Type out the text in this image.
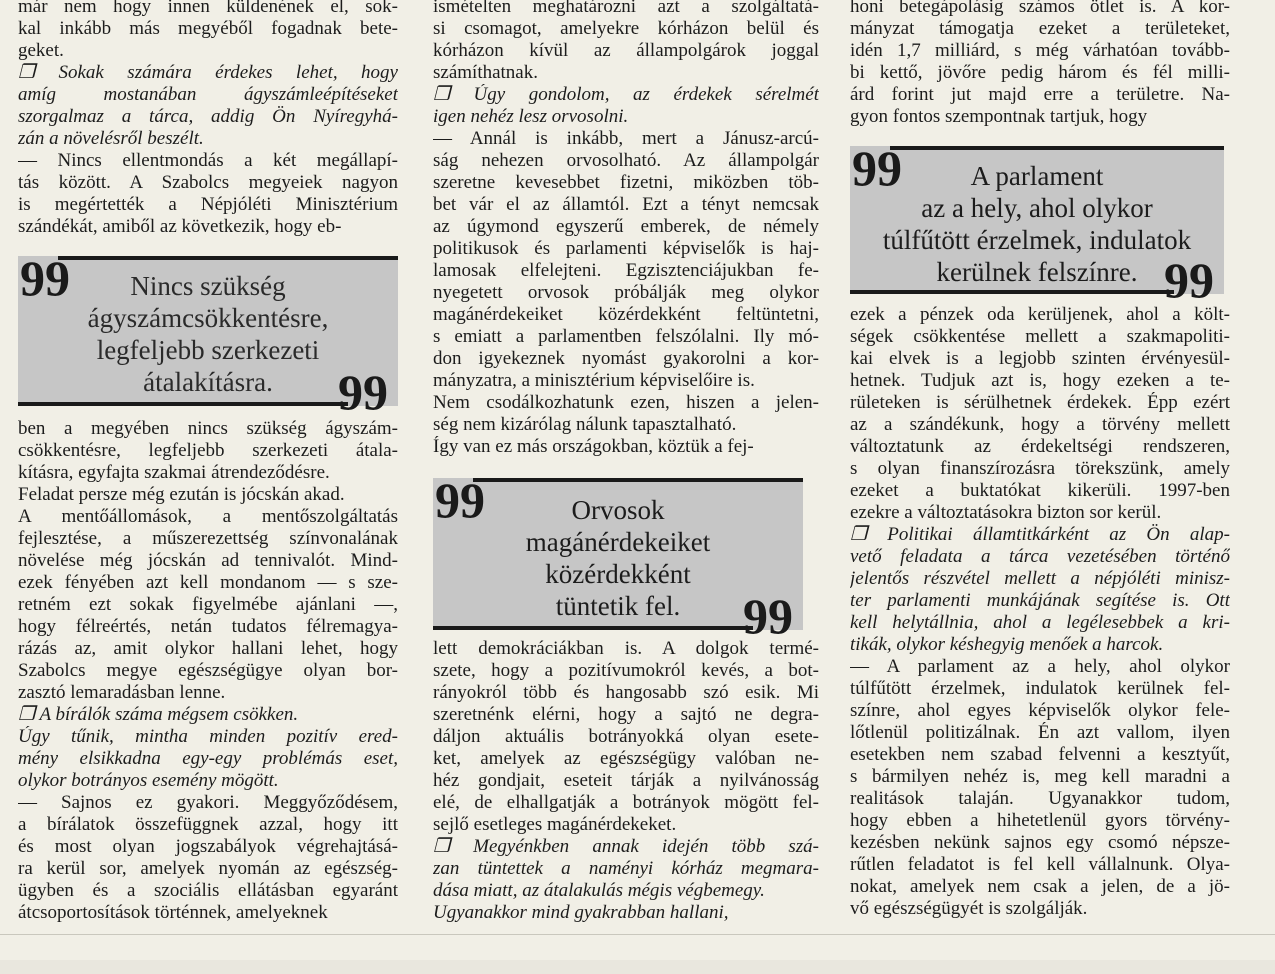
már nem hogy innen küldenének el, sok-
kal inkább más megyéből fogadnak bete-
geket.
❒ Sokak számára érdekes lehet, hogy
amíg mostanában ágyszámleépítéseket
szorgalmaz a tárca, addig Ön Nyíregyhá-
zán a növelésről beszélt.
— Nincs ellentmondás a két megállapí-
tás között. A Szabolcs megyeiek nagyon
is megértették a Népjóléti Minisztérium
szándékát, amiből az következik, hogy eb-
99	Nincs szükség
ágyszámcsökkentésre,
legfeljebb szerkezeti
átalakításra.	99
ben a megyében nincs szükség ágyszám-
csökkentésre, legfeljebb szerkezeti átala-
kításra, egyfajta szakmai átrendeződésre.
Feladat persze még ezután is jócskán akad.
A mentőállomások, a mentőszolgáltatás
fejlesztése, a műszerezettség színvonalának
növelése még jócskán ad tennivalót. Mind-
ezek fényében azt kell mondanom — s sze-
retném ezt sokak figyelmébe ajánlani —,
hogy félreértés, netán tudatos félremagya-
rázás az, amit olykor hallani lehet, hogy
Szabolcs megye egészségügye olyan bor-
zasztó lemaradásban lenne.
❒ A bírálók száma mégsem csökken.
Úgy tűnik, mintha minden pozitív ered-
mény elsikkadna egy-egy problémás eset,
olykor botrányos esemény mögött.
— Sajnos ez gyakori. Meggyőződésem,
a bírálatok összefüggnek azzal, hogy itt
és most olyan jogszabályok végrehajtásá-
ra kerül sor, amelyek nyomán az egészség-
ügyben és a szociális ellátásban egyaránt
átcsoportosítások történnek, amelyeknek
ismételten meghatározni azt a szolgáltatá-
si csomagot, amelyekre kórházon belül és
kórházon kívül az állampolgárok joggal
számíthatnak.
❒ Úgy gondolom, az érdekek sérelmét
igen nehéz lesz orvosolni.
— Annál is inkább, mert a Jánusz-arcú-
ság nehezen orvosolható. Az állampolgár
szeretne kevesebbet fizetni, miközben töb-
bet vár el az államtól. Ezt a tényt nemcsak
az úgymond egyszerű emberek, de némely
politikusok és parlamenti képviselők is haj-
lamosak elfelejteni. Egzisztenciájukban fe-
nyegetett orvosok próbálják meg olykor
magánérdekeiket közérdekként feltüntetni,
s emiatt a parlamentben felszólalni. Ily mó-
don igyekeznek nyomást gyakorolni a kor-
mányzatra, a minisztérium képviselőire is.
Nem csodálkozhatunk ezen, hiszen a jelen-
ség nem kizárólag nálunk tapasztalható.
Így van ez más országokban, köztük a fej-
99	Orvosok
magánérdekeiket
közérdekként
tüntetik fel.	99
lett demokráciákban is. A dolgok termé-
szete, hogy a pozitívumokról kevés, a bot-
rányokról több és hangosabb szó esik. Mi
szeretnénk elérni, hogy a sajtó ne degra-
dáljon aktuális botrányokká olyan esete-
ket, amelyek az egészségügy valóban ne-
héz gondjait, eseteit tárják a nyilvánosság
elé, de elhallgatják a botrányok mögött fel-
sejlő esetleges magánérdekeket.
❒ Megyénkben annak idején több szá-
zan tüntettek a naményi kórház megmara-
dása miatt, az átalakulás mégis végbemegy.
Ugyanakkor mind gyakrabban hallani,
honi betegápolásig számos ötlet is. A kor-
mányzat támogatja ezeket a területeket,
idén 1,7 milliárd, s még várhatóan tovább-
bi kettő, jövőre pedig három és fél milli-
árd forint jut majd erre a területre. Na-
gyon fontos szempontnak tartjuk, hogy
99	A parlament
az a hely, ahol olykor
túlfűtött érzelmek, indulatok
kerülnek felszínre. 99
ezek a pénzek oda kerüljenek, ahol a költ-
ségek csökkentése mellett a szakmapoliti-
kai elvek is a legjobb szinten érvényesül-
hetnek. Tudjuk azt is, hogy ezeken a te-
rületeken is sérülhetnek érdekek. Épp ezért
az a szándékunk, hogy a törvény mellett
változtatunk az érdekeltségi rendszeren,
s olyan finanszírozásra törekszünk, amely
ezeket a buktatókat kikerüli. 1997-ben
ezekre a változtatásokra bizton sor kerül.
❒ Politikai államtitkárként az Ön alap-
vető feladata a tárca vezetésében történő
jelentős részvétel mellett a népjóléti minisz-
ter parlamenti munkájának segítése is. Ott
kell helytállnia, ahol a legélesebbek a kri-
tikák, olykor késhegyig menőek a harcok.
— A parlament az a hely, ahol olykor
túlfűtött érzelmek, indulatok kerülnek fel-
színre, ahol egyes képviselők olykor fele-
lőtlenül politizálnak. Én azt vallom, ilyen
esetekben nem szabad felvenni a kesztyűt,
s bármilyen nehéz is, meg kell maradni a
realitások talaján. Ugyanakkor tudom,
hogy ebben a hihetetlenül gyors törvény-
kezésben nekünk sajnos egy csomó népsze-
rűtlen feladatot is fel kell vállalnunk. Olya-
nokat, amelyek nem csak a jelen, de a jö-
vő egészségügyét is szolgálják.
